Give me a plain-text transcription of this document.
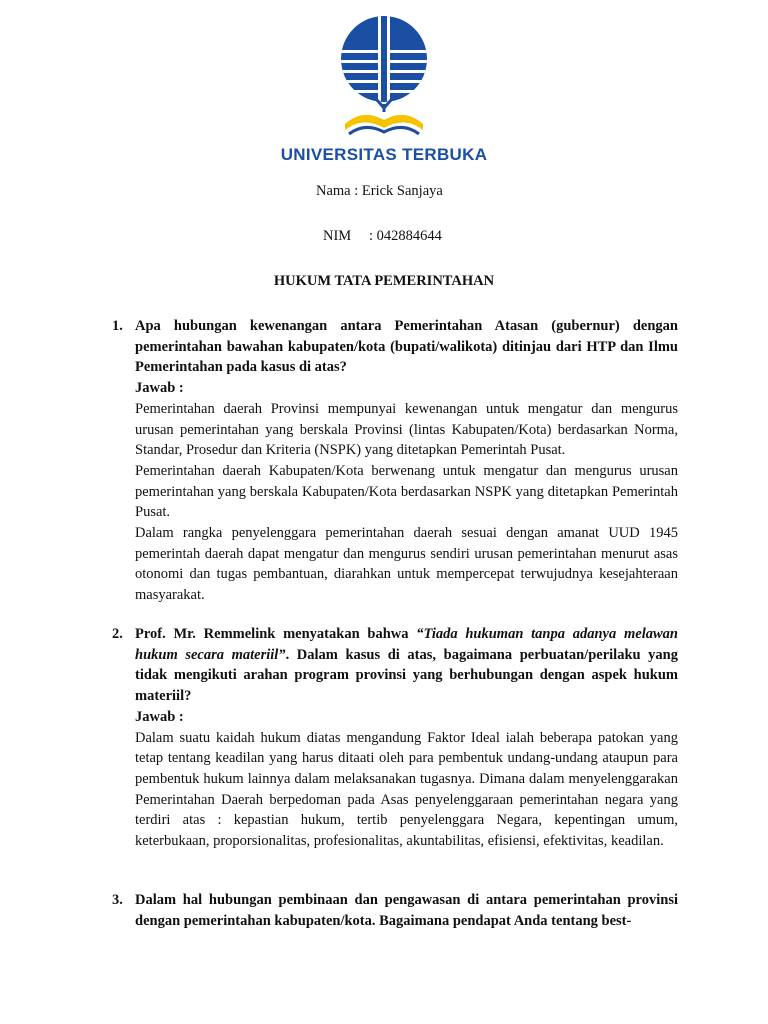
UNIVERSITAS TERBUKA
Nama : Erick Sanjaya
NIM : 042884644
HUKUM TATA PEMERINTAHAN
1. Apa hubungan kewenangan antara Pemerintahan Atasan (gubernur) dengan pemerintahan bawahan kabupaten/kota (bupati/walikota) ditinjau dari HTP dan Ilmu Pemerintahan pada kasus di atas?
Jawab :
Pemerintahan daerah Provinsi mempunyai kewenangan untuk mengatur dan mengurus urusan pemerintahan yang berskala Provinsi (lintas Kabupaten/Kota) berdasarkan Norma, Standar, Prosedur dan Kriteria (NSPK) yang ditetapkan Pemerintah Pusat.
Pemerintahan daerah Kabupaten/Kota berwenang untuk mengatur dan mengurus urusan pemerintahan yang berskala Kabupaten/Kota berdasarkan NSPK yang ditetapkan Pemerintah Pusat.
Dalam rangka penyelenggara pemerintahan daerah sesuai dengan amanat UUD 1945 pemerintah daerah dapat mengatur dan mengurus sendiri urusan pemerintahan menurut asas otonomi dan tugas pembantuan, diarahkan untuk mempercepat terwujudnya kesejahteraan masyarakat.
2. Prof. Mr. Remmelink menyatakan bahwa “Tiada hukuman tanpa adanya melawan hukum secara materiil”. Dalam kasus di atas, bagaimana perbuatan/perilaku yang tidak mengikuti arahan program provinsi yang berhubungan dengan aspek hukum materiil?
Jawab :
Dalam suatu kaidah hukum diatas mengandung Faktor Ideal ialah beberapa patokan yang tetap tentang keadilan yang harus ditaati oleh para pembentuk undang-undang ataupun para pembentuk hukum lainnya dalam melaksanakan tugasnya. Dimana dalam menyelenggarakan Pemerintahan Daerah berpedoman pada Asas penyelenggaraan pemerintahan negara yang terdiri atas : kepastian hukum, tertib penyelenggara Negara, kepentingan umum, keterbukaan, proporsionalitas, profesionalitas, akuntabilitas, efisiensi, efektivitas, keadilan.
3. Dalam hal hubungan pembinaan dan pengawasan di antara pemerintahan provinsi dengan pemerintahan kabupaten/kota. Bagaimana pendapat Anda tentang best-
